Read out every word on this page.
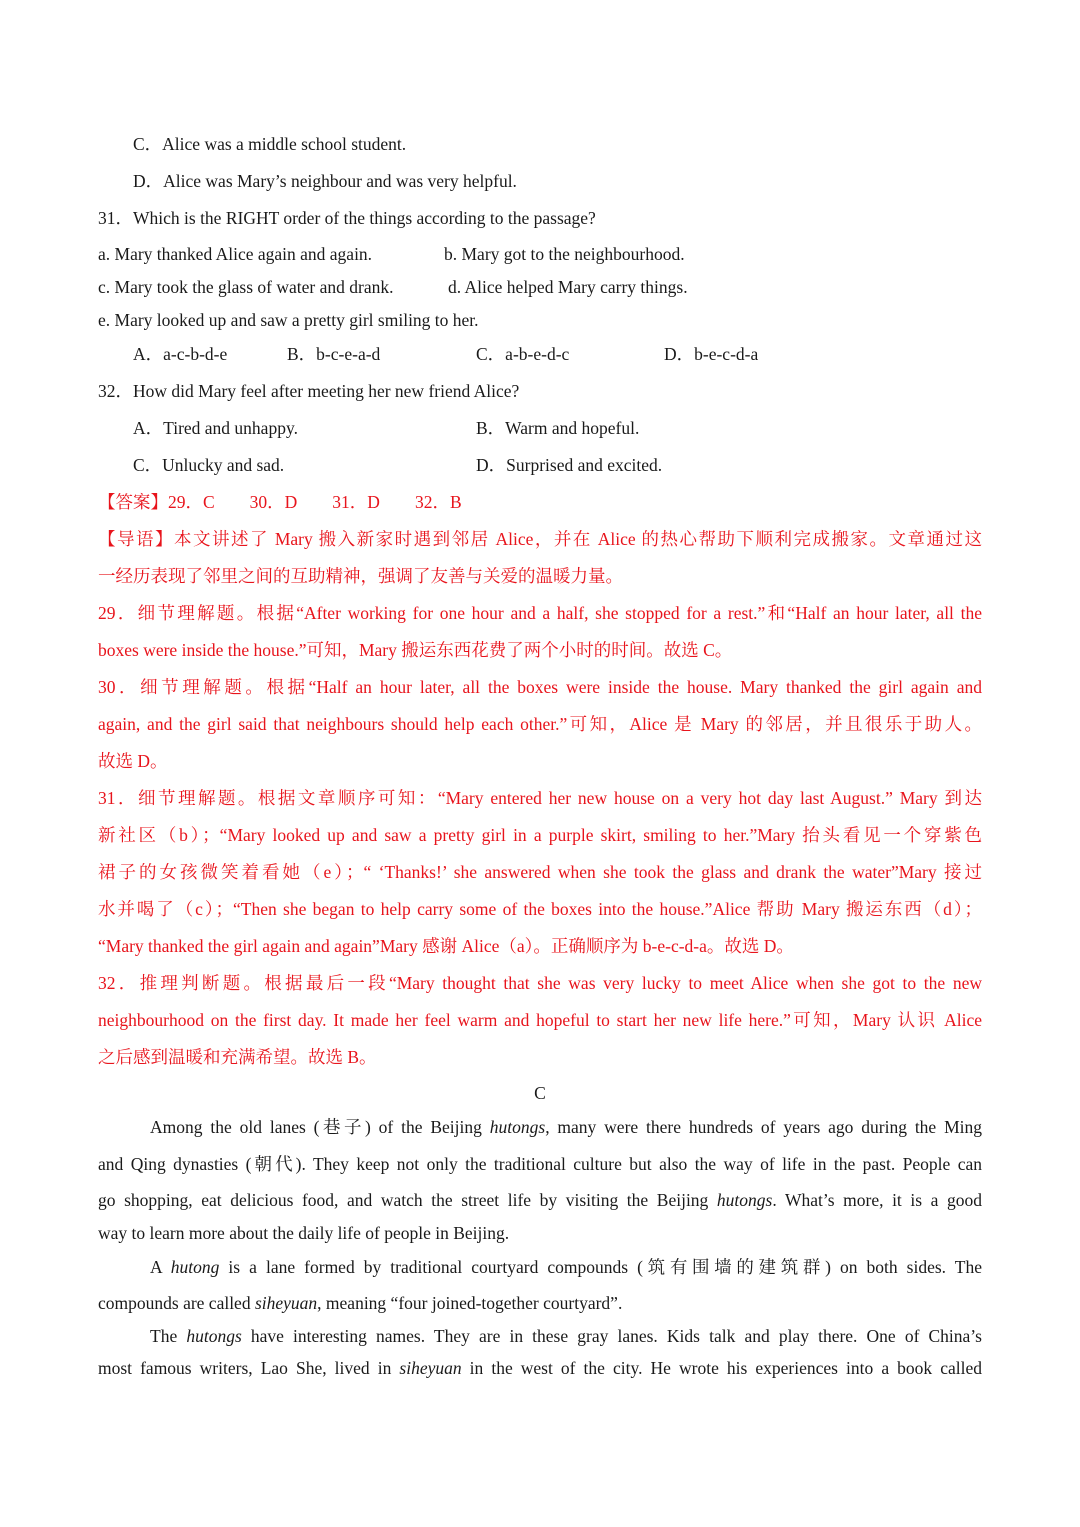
C．Alice was a middle school student.
D．Alice was Mary’s neighbour and was very helpful.
31．Which is the RIGHT order of the things according to the passage?
a. Mary thanked Alice again and again.	b. Mary got to the neighbourhood.
c. Mary took the glass of water and drank.	d. Alice helped Mary carry things.
e. Mary looked up and saw a pretty girl smiling to her.
A．a-c-b-d-e	B．b-c-e-a-d	C．a-b-e-d-c	D．b-e-c-d-a
32．How did Mary feel after meeting her new friend Alice?
A．Tired and unhappy.	B．Warm and hopeful.
C．Unlucky and sad.	D．Surprised and excited.
【答案】29．C　　30．D　　31．D　　32．B
【导语】本文讲述了 Mary 搬入新家时遇到邻居 Alice，并在 Alice 的热心帮助下顺利完成搬家。文章通过这
一经历表现了邻里之间的互助精神，强调了友善与关爱的温暖力量。
29．细节理解题。根据“After working for one hour and a half, she stopped for a rest.”和“Half an hour later, all the
boxes were inside the house.”可知，Mary 搬运东西花费了两个小时的时间。故选 C。
30．细节理解题。根据“Half an hour later, all the boxes were inside the house. Mary thanked the girl again and
again, and the girl said that neighbours should help each other.”可知，Alice 是 Mary 的邻居，并且很乐于助人。
故选 D。
31．细节理解题。根据文章顺序可知：“Mary entered her new house on a very hot day last August.” Mary 到达
新社区（b）；“Mary looked up and saw a pretty girl in a purple skirt, smiling to her.”Mary 抬头看见一个穿紫色
裙子的女孩微笑着看她（e）；“ ‘Thanks!’ she answered when she took the glass and drank the water”Mary 接过
水并喝了（c）；“Then she began to help carry some of the boxes into the house.”Alice 帮助 Mary 搬运东西（d）；
“Mary thanked the girl again and again”Mary 感谢 Alice（a）。正确顺序为 b-e-c-d-a。故选 D。
32．推理判断题。根据最后一段“Mary thought that she was very lucky to meet Alice when she got to the new
neighbourhood on the first day. It made her feel warm and hopeful to start her new life here.”可知，Mary 认识 Alice
之后感到温暖和充满希望。故选 B。
C
Among the old lanes (巷子) of the Beijing hutongs, many were there hundreds of years ago during the Ming
and Qing dynasties (朝代). They keep not only the traditional culture but also the way of life in the past. People can
go shopping, eat delicious food, and watch the street life by visiting the Beijing hutongs. What’s more, it is a good
way to learn more about the daily life of people in Beijing.
A hutong is a lane formed by traditional courtyard compounds (筑有围墙的建筑群) on both sides. The
compounds are called siheyuan, meaning “four joined-together courtyard”.
The hutongs have interesting names. They are in these gray lanes. Kids talk and play there. One of China’s
most famous writers, Lao She, lived in siheyuan in the west of the city. He wrote his experiences into a book called
